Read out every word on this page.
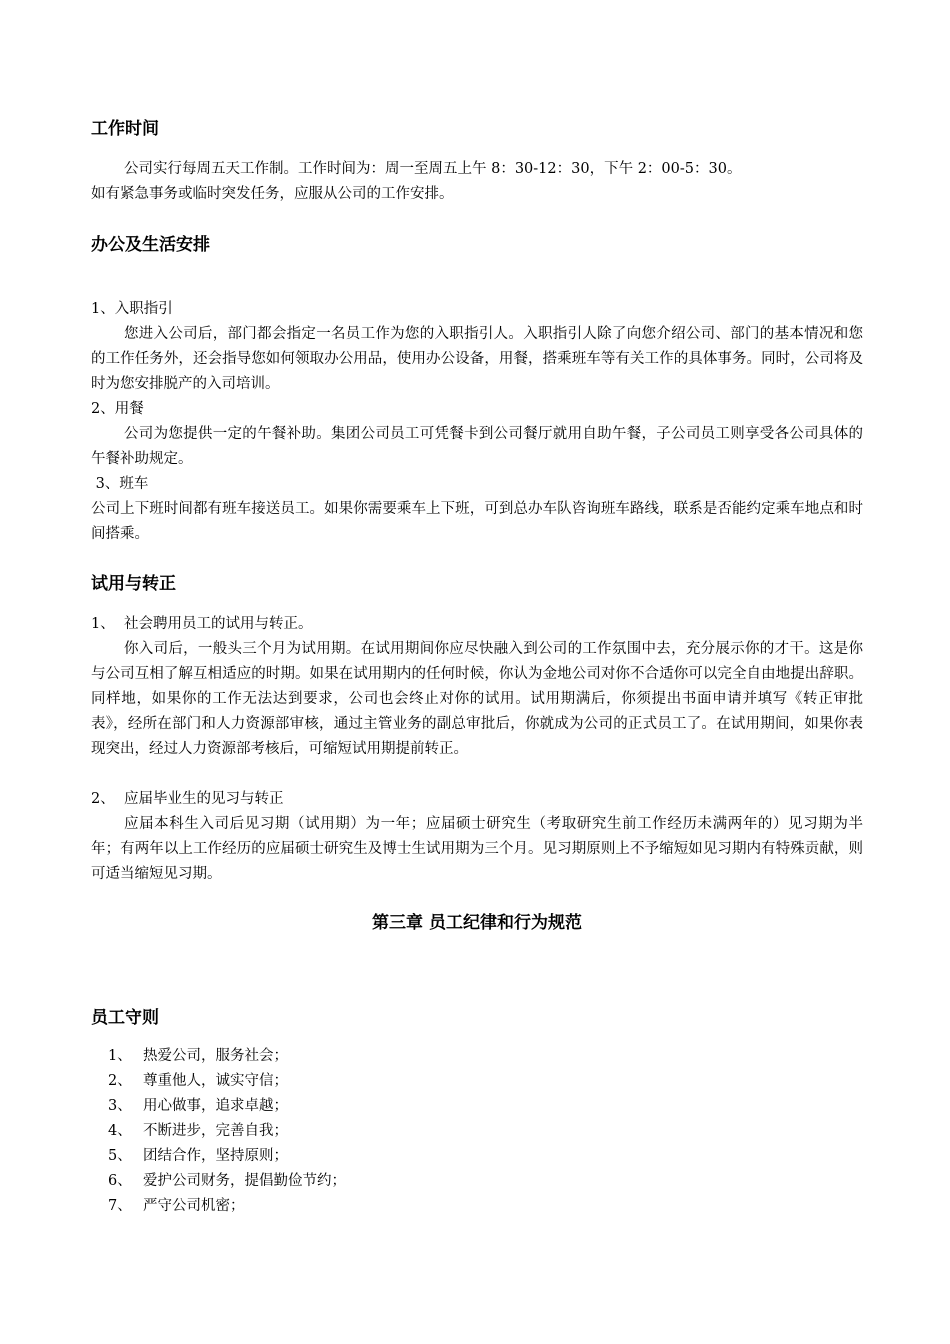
工作时间
公司实行每周五天工作制。工作时间为：周一至周五上午 8：30-12：30，下午 2：00-5：30。
如有紧急事务或临时突发任务，应服从公司的工作安排。
办公及生活安排
1、入职指引
您进入公司后，部门都会指定一名员工作为您的入职指引人。入职指引人除了向您介绍公司、部门的基本情况和您的工作任务外，还会指导您如何领取办公用品，使用办公设备，用餐，搭乘班车等有关工作的具体事务。同时，公司将及时为您安排脱产的入司培训。
2、用餐
公司为您提供一定的午餐补助。集团公司员工可凭餐卡到公司餐厅就用自助午餐，子公司员工则享受各公司具体的午餐补助规定。
3、班车
公司上下班时间都有班车接送员工。如果你需要乘车上下班，可到总办车队咨询班车路线，联系是否能约定乘车地点和时间搭乘。
试用与转正
1、  社会聘用员工的试用与转正。
你入司后，一般头三个月为试用期。在试用期间你应尽快融入到公司的工作氛围中去，充分展示你的才干。这是你与公司互相了解互相适应的时期。如果在试用期内的任何时候，你认为金地公司对你不合适你可以完全自由地提出辞职。同样地，如果你的工作无法达到要求，公司也会终止对你的试用。试用期满后，你须提出书面申请并填写《转正审批表》，经所在部门和人力资源部审核，通过主管业务的副总审批后，你就成为公司的正式员工了。在试用期间，如果你表现突出，经过人力资源部考核后，可缩短试用期提前转正。
2、  应届毕业生的见习与转正
应届本科生入司后见习期（试用期）为一年；应届硕士研究生（考取研究生前工作经历未满两年的）见习期为半年；有两年以上工作经历的应届硕士研究生及博士生试用期为三个月。见习期原则上不予缩短如见习期内有特殊贡献，则可适当缩短见习期。
第三章 员工纪律和行为规范
员工守则
1、 热爱公司，服务社会；
2、 尊重他人，诚实守信；
3、 用心做事，追求卓越；
4、 不断进步，完善自我；
5、 团结合作，坚持原则；
6、 爱护公司财务，提倡勤俭节约；
7、 严守公司机密；
